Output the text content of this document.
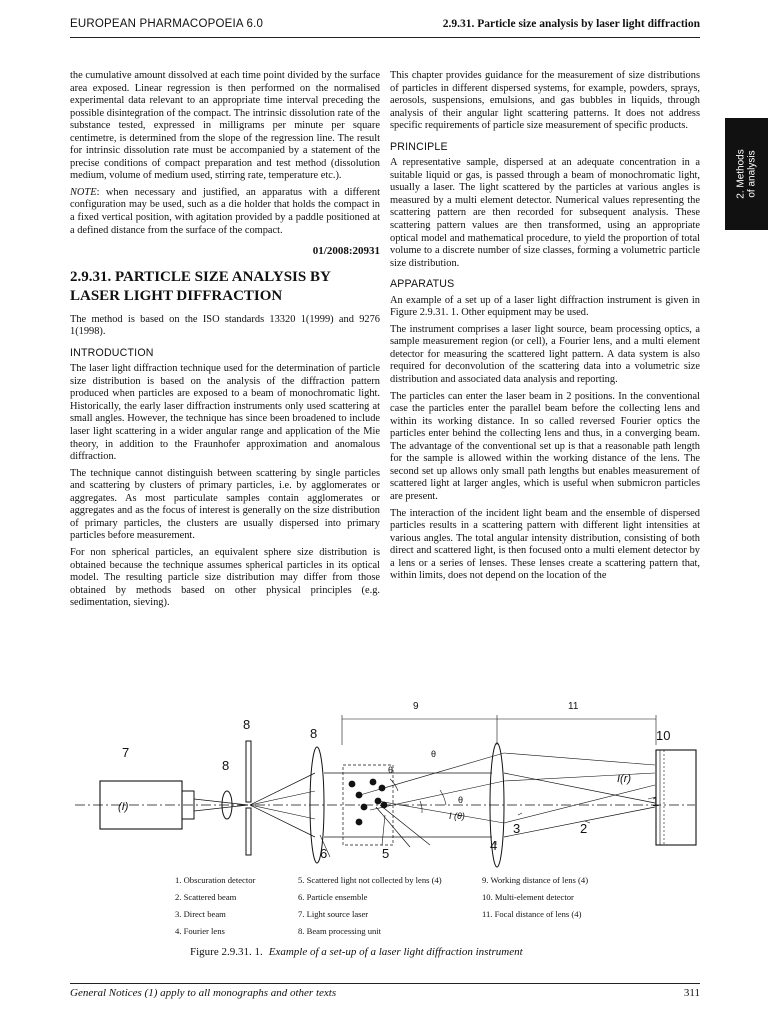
EUROPEAN PHARMACOPOEIA 6.0	2.9.31. Particle size analysis by laser light diffraction
2. Methods of analysis

the cumulative amount dissolved at each time point divided by the surface area exposed. Linear regression is then performed on the normalised experimental data relevant to an appropriate time interval preceding the possible disintegration of the compact. The intrinsic dissolution rate of the substance tested, expressed in milligrams per minute per square centimetre, is determined from the slope of the regression line. The result for intrinsic dissolution rate must be accompanied by a statement of the precise conditions of compact preparation and test method (dissolution medium, volume of medium used, stirring rate, temperature etc.).

NOTE: when necessary and justified, an apparatus with a different configuration may be used, such as a die holder that holds the compact in a fixed vertical position, with agitation provided by a paddle positioned at a defined distance from the surface of the compact.

01/2008:20931
2.9.31. PARTICLE SIZE ANALYSIS BY LASER LIGHT DIFFRACTION

The method is based on the ISO standards 13320 1(1999) and 9276 1(1998).

INTRODUCTION

The laser light diffraction technique used for the determination of particle size distribution is based on the analysis of the diffraction pattern produced when particles are exposed to a beam of monochromatic light. Historically, the early laser diffraction instruments only used scattering at small angles. However, the technique has since been broadened to include laser light scattering in a wider angular range and application of the Mie theory, in addition to the Fraunhofer approximation and anomalous diffraction.

The technique cannot distinguish between scattering by single particles and scattering by clusters of primary particles, i.e. by agglomerates or aggregates. As most particulate samples contain agglomerates or aggregates and as the focus of interest is generally on the size distribution of primary particles, the clusters are usually dispersed into primary particles before measurement.

For non spherical particles, an equivalent sphere size distribution is obtained because the technique assumes spherical particles in its optical model. The resulting particle size distribution may differ from those obtained by methods based on other physical principles (e.g. sedimentation, sieving).

This chapter provides guidance for the measurement of size distributions of particles in different dispersed systems, for example, powders, sprays, aerosols, suspensions, emulsions, and gas bubbles in liquids, through analysis of their angular light scattering patterns. It does not address specific requirements of particle size measurement of specific products.

PRINCIPLE

A representative sample, dispersed at an adequate concentration in a suitable liquid or gas, is passed through a beam of monochromatic light, usually a laser. The light scattered by the particles at various angles is measured by a multi element detector. Numerical values representing the scattering pattern are then recorded for subsequent analysis. These scattering pattern values are then transformed, using an appropriate optical model and mathematical procedure, to yield the proportion of total volume to a discrete number of size classes, forming a volumetric particle size distribution.

APPARATUS

An example of a set up of a laser light diffraction instrument is given in Figure 2.9.31. 1. Other equipment may be used.

The instrument comprises a laser light source, beam processing optics, a sample measurement region (or cell), a Fourier lens, and a multi element detector for measuring the scattered light pattern. A data system is also required for deconvolution of the scattering data into a volumetric size distribution and associated data analysis and reporting.

The particles can enter the laser beam in 2 positions. In the conventional case the particles enter the parallel beam before the collecting lens and within its working distance. In so called reversed Fourier optics the particles enter behind the collecting lens and thus, in a converging beam. The advantage of the conventional set up is that a reasonable path length for the sample is allowed within the working distance of the lens. The second set up allows only small path lengths but enables measurement of scattered light at larger angles, which is useful when submicron particles are present.

The interaction of the incident light beam and the ensemble of dispersed particles results in a scattering pattern with different light intensities at various angles. The total angular intensity distribution, consisting of both direct and scattered light, is then focused onto a multi element detector by a lens or a series of lenses. These lenses create a scattering pattern that, within limits, does not depend on the location of the

7
8
8
8
9	11
10
1
2
3
4
5
6
(I)
θ
θ
θ
I (θ)
I(r)
1. Obscuration detector
2. Scattered beam
3. Direct beam
4. Fourier lens
5. Scattered light not collected by lens (4)
6. Particle ensemble
7. Light source laser
8. Beam processing unit
9. Working distance of lens (4)
10. Multi-element detector
11. Focal distance of lens (4)
Figure 2.9.31. 1. Example of a set-up of a laser light diffraction instrument
General Notices (1) apply to all monographs and other texts	311
